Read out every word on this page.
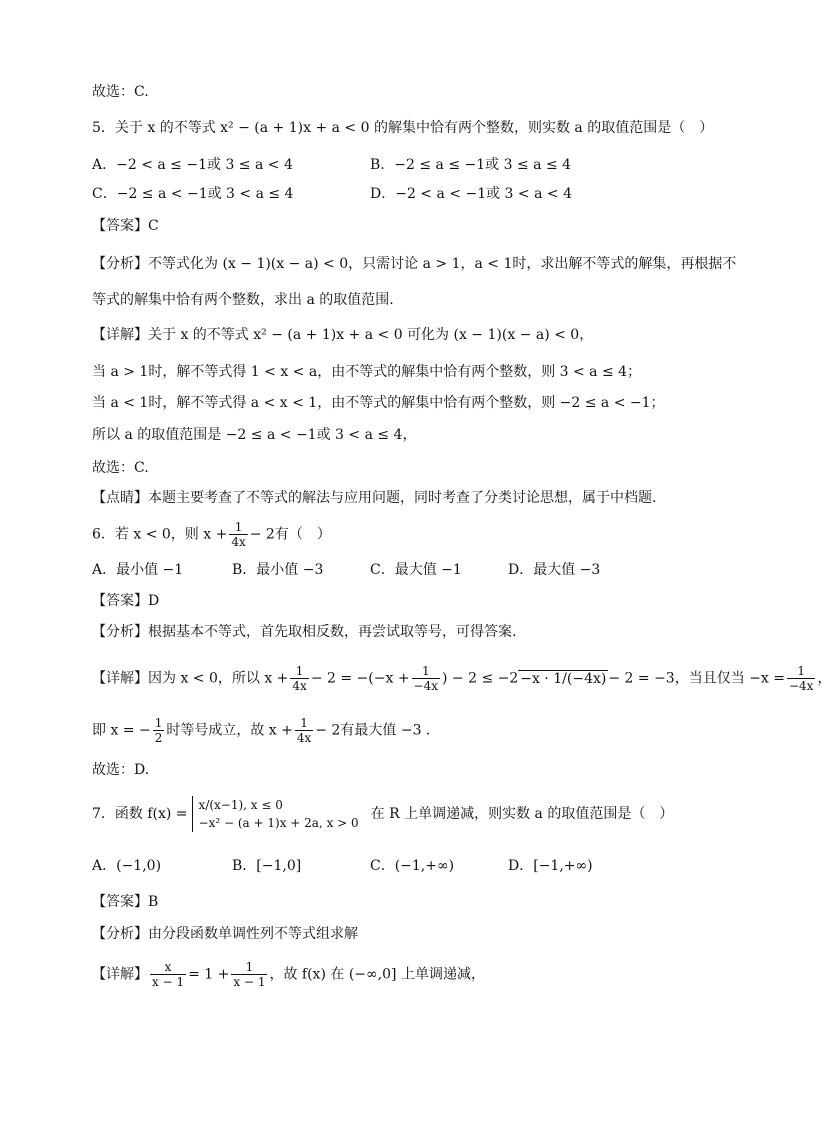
故选：C.
5．关于 x 的不等式 x² − (a + 1)x + a < 0 的解集中恰有两个整数，则实数 a 的取值范围是（　）
A．−2 < a ≤ −1或 3 ≤ a < 4	B．−2 ≤ a ≤ −1或 3 ≤ a ≤ 4
C．−2 ≤ a < −1或 3 < a ≤ 4	D．−2 < a < −1或 3 < a < 4
【答案】C
【分析】不等式化为 (x − 1)(x − a) < 0，只需讨论 a > 1，a < 1时，求出解不等式的解集，再根据不
等式的解集中恰有两个整数，求出 a 的取值范围.
【详解】关于 x 的不等式 x² − (a + 1)x + a < 0 可化为 (x − 1)(x − a) < 0，
当 a > 1时，解不等式得 1 < x < a，由不等式的解集中恰有两个整数，则 3 < a ≤ 4；
当 a < 1时，解不等式得 a < x < 1，由不等式的解集中恰有两个整数，则 −2 ≤ a < −1；
所以 a 的取值范围是 −2 ≤ a < −1或 3 < a ≤ 4，
故选：C.
【点睛】本题主要考查了不等式的解法与应用问题，同时考查了分类讨论思想，属于中档题.
6．若 x < 0，则 $x + \frac{1}{4x} - 2$有（　）
A．最小值 −1	B．最小值 −3	C．最大值 −1	D．最大值 −3
【答案】D
【分析】根据基本不等式，首先取相反数，再尝试取等号，可得答案.
【详解】因为 x < 0，所以 $x + \frac{1}{4x} - 2 = -(-x + \frac{1}{-4x}$ ) − 2 ≤ −2 −x · 1/(−4x) − 2 = −3，当且仅当 $-x = \frac{1}{-4x}$ ，
即 x = − $\frac{1}{2}$ 时等号成立，故 $x + \frac{1}{4x} - 2$有最大值 −3 .
故选：D.
7．函数 f(x) =
x/(x−1), x ≤ 0
−x² − (a + 1)x + 2a, x > 0
在 R 上单调递减，则实数 a 的取值范围是（　）
A．(−1,0)	B．[−1,0]	C．(−1,+∞)	D．[−1,+∞)
【答案】B
【分析】由分段函数单调性列不等式组求解
【详解】 $\frac{x}{x - 1} = 1 + \frac{1}{x - 1}$ ，故 f(x) 在 (−∞,0] 上单调递减，
